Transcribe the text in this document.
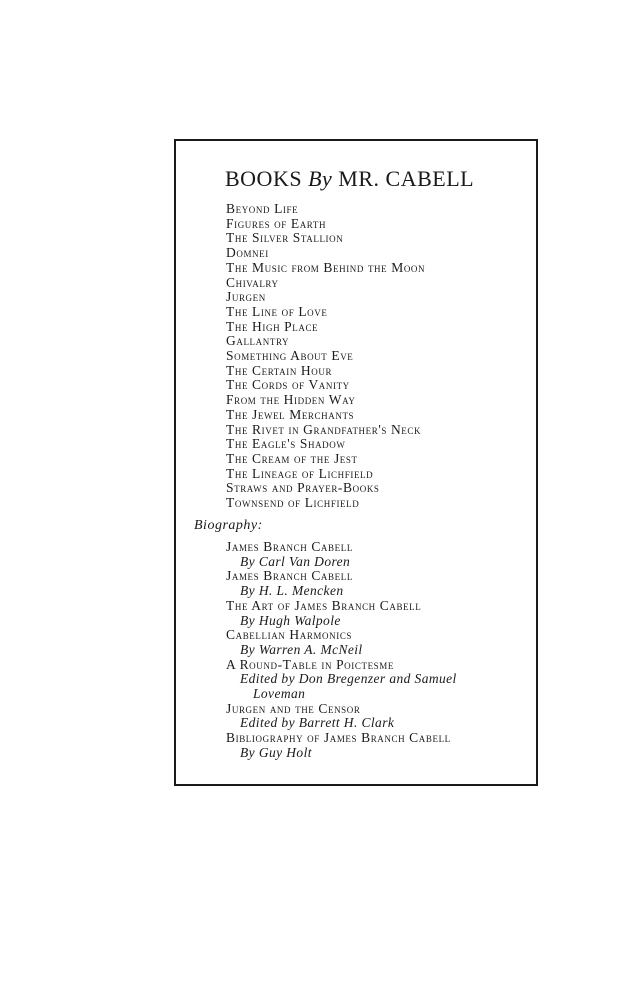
BOOKS By MR. CABELL
Beyond Life
Figures of Earth
The Silver Stallion
Domnei
The Music from Behind the Moon
Chivalry
Jurgen
The Line of Love
The High Place
Gallantry
Something About Eve
The Certain Hour
The Cords of Vanity
From the Hidden Way
The Jewel Merchants
The Rivet in Grandfather's Neck
The Eagle's Shadow
The Cream of the Jest
The Lineage of Lichfield
Straws and Prayer-Books
Townsend of Lichfield

Biography:

James Branch Cabell
By Carl Van Doren
James Branch Cabell
By H. L. Mencken
The Art of James Branch Cabell
By Hugh Walpole
Cabellian Harmonics
By Warren A. McNeil
A Round-Table in Poictesme
Edited by Don Bregenzer and Samuel
Loveman
Jurgen and the Censor
Edited by Barrett H. Clark
Bibliography of James Branch Cabell
By Guy Holt
